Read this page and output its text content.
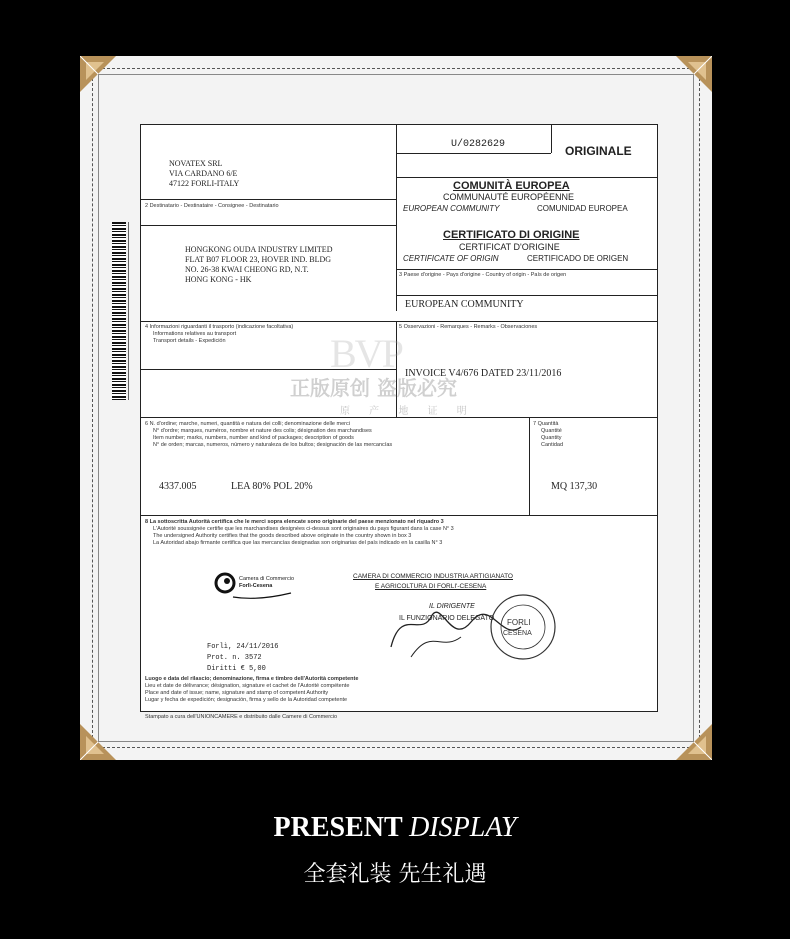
NOVATEX SRL
VIA CARDANO 6/E
47122 FORLI-ITALY
U/0282629	ORIGINALE
COMUNITÀ EUROPEA
COMMUNAUTÉ EUROPÉENNE
EUROPEAN COMMUNITY	COMUNIDAD EUROPEA
CERTIFICATO DI ORIGINE
CERTIFICAT D'ORIGINE
CERTIFICATE OF ORIGIN	CERTIFICADO DE ORIGEN
2 Destinatario - Destinataire - Consignee - Destinatario
HONGKONG OUDA INDUSTRY LIMITED
FLAT B07 FLOOR 23, HOVER IND. BLDG
NO. 26-38 KWAI CHEONG RD, N.T.
HONG KONG - HK	3 Paese d'origine - Pays d'origine - Country of origin - País de origen
EUROPEAN COMMUNITY
4 Informazioni riguardanti il trasporto (indicazione facoltativa)
Informations relatives au transport
Transport details - Expedición
5 Osservazioni - Remarques - Remarks - Observaciones
INVOICE V4/676 DATED 23/11/2016
6 N. d'ordine; marche, numeri, quantità e natura dei colli; denominazione delle merci
N° d'ordre; marques, numéros, nombre et nature des colis; désignation des marchandises
Item number; marks, numbers, number and kind of packages; description of goods
N° de orden; marcas, numeros, número y naturaleza de los bultos; designación de las mercancías
7 Quantità
Quantité
Quantity
Cantidad
4337.005	LEA 80% POL 20%	MQ 137,30
8 La sottoscritta Autorità certifica che le merci sopra elencate sono originarie del paese menzionato nel riquadro 3
L'Autorité soussignée certifie que les marchandises designées ci-dessus sont originaires du pays figurant dans la case N° 3
The undersigned Authority certifies that the goods described above originate in the country shown in box 3
La Autoridad abajo firmante certifica que las mercancías designadas son originarias del país indicado en la casilla N° 3
Camera di Commercio
Forlì-Cesena
CAMERA DI COMMERCIO INDUSTRIA ARTIGIANATO
E AGRICOLTURA DI FORLI'-CESENA
IL DIRIGENTE
IL FUNZIONARIO DELEGATO FORLI
CESENA
Forlì, 24/11/2016
Prot. n. 3572
Diritti € 5,00
Luogo e data del rilascio; denominazione, firma e timbro dell'Autorità competente
Lieu et date de délivrance; désignation, signature et cachet de l'Autorité compétente
Place and date of issue; name, signature and stamp of competent Authority
Lugar y fecha de expedición; designación, firma y sello de la Autoridad competente
Stampato a cura dell'UNIONCAMERE e distribuito dalle Camere di Commercio
BVP
正版原创 盗版必究
原 产 地 证 明
PRESENT DISPLAY
全套礼装 先生礼遇
